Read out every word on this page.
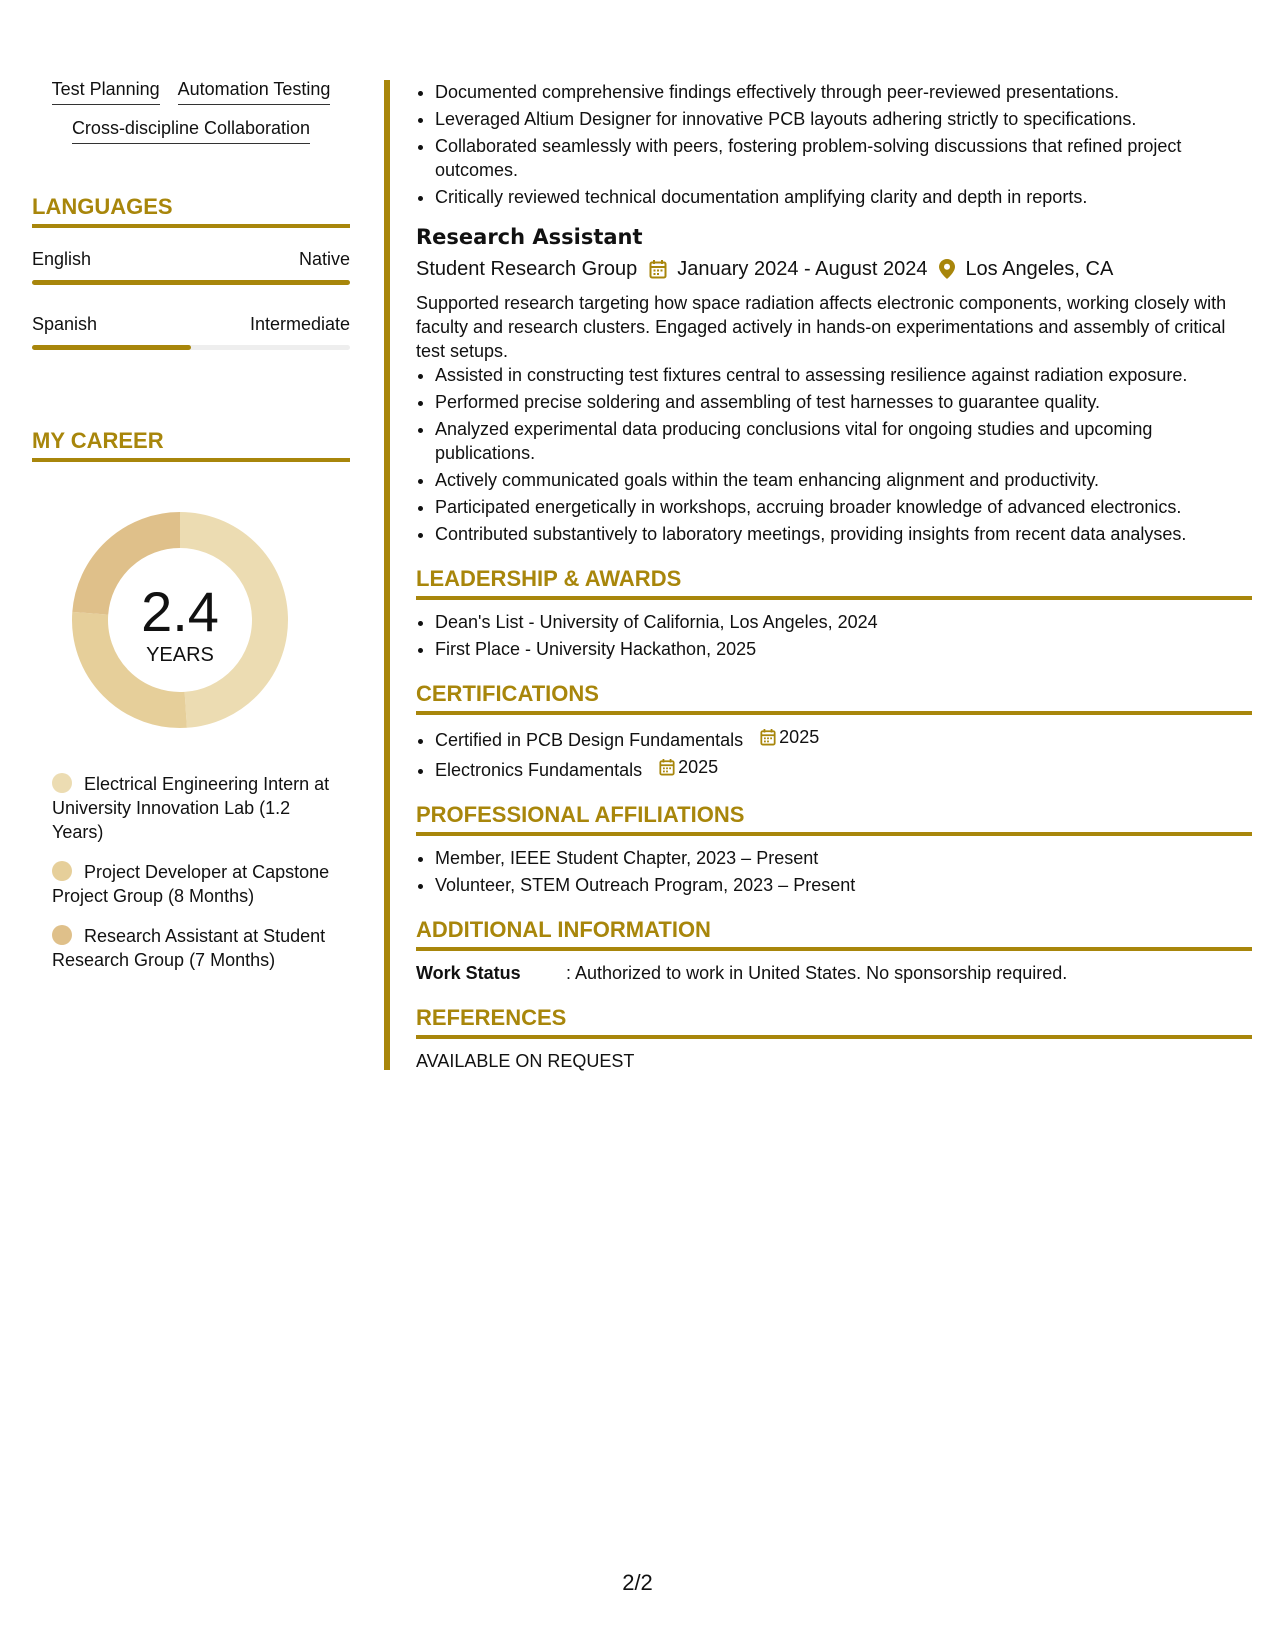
Test Planning Automation Testing
Cross-discipline Collaboration
LANGUAGES
English	Native
Spanish	Intermediate
MY CAREER
2.4
YEARS
Electrical Engineering Intern at University Innovation Lab (1.2 Years)
Project Developer at Capstone Project Group (8 Months)
Research Assistant at Student Research Group (7 Months)
• Documented comprehensive findings effectively through peer-reviewed presentations.
• Leveraged Altium Designer for innovative PCB layouts adhering strictly to specifications.
• Collaborated seamlessly with peers, fostering problem-solving discussions that refined project outcomes.
• Critically reviewed technical documentation amplifying clarity and depth in reports.
Research Assistant
Student Research Group January 2024 - August 2024 Los Angeles, CA
Supported research targeting how space radiation affects electronic components, working closely with faculty and research clusters. Engaged actively in hands-on experimentations and assembly of critical test setups.
• Assisted in constructing test fixtures central to assessing resilience against radiation exposure.
• Performed precise soldering and assembling of test harnesses to guarantee quality.
• Analyzed experimental data producing conclusions vital for ongoing studies and upcoming publications.
• Actively communicated goals within the team enhancing alignment and productivity.
• Participated energetically in workshops, accruing broader knowledge of advanced electronics.
• Contributed substantively to laboratory meetings, providing insights from recent data analyses.
LEADERSHIP & AWARDS
• Dean's List - University of California, Los Angeles, 2024
• First Place - University Hackathon, 2025
CERTIFICATIONS
• Certified in PCB Design Fundamentals 2025
• Electronics Fundamentals 2025
PROFESSIONAL AFFILIATIONS
• Member, IEEE Student Chapter, 2023 – Present
• Volunteer, STEM Outreach Program, 2023 – Present
ADDITIONAL INFORMATION
Work Status	: Authorized to work in United States. No sponsorship required.
REFERENCES
AVAILABLE ON REQUEST
2/2
